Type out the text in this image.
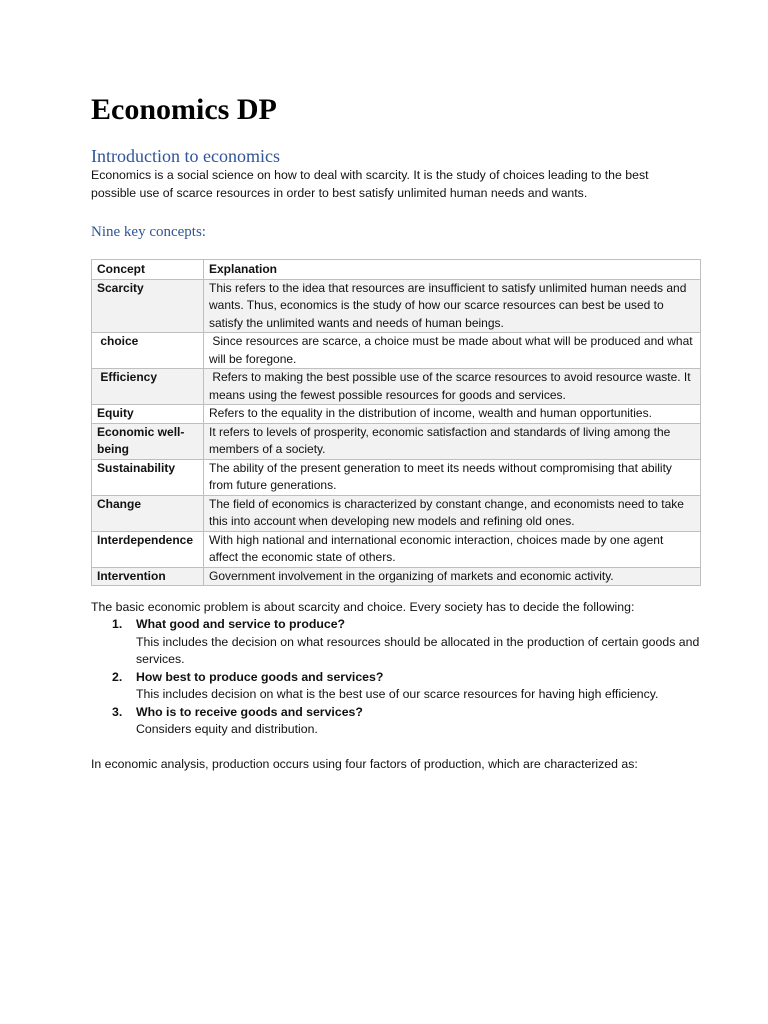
Economics DP
Introduction to economics

Economics is a social science on how to deal with scarcity. It is the study of choices leading to the best possible use of scarce resources in order to best satisfy unlimited human needs and wants.

Nine key concepts:
Concept	Explanation
Scarcity	This refers to the idea that resources are insufficient to satisfy unlimited human needs and wants. Thus, economics is the study of how our scarce resources can best be used to satisfy the unlimited wants and needs of human beings.
choice	Since resources are scarce, a choice must be made about what will be produced and what will be foregone.
Efficiency	Refers to making the best possible use of the scarce resources to avoid resource waste. It means using the fewest possible resources for goods and services.
Equity	Refers to the equality in the distribution of income, wealth and human opportunities.
Economic well-being	It refers to levels of prosperity, economic satisfaction and standards of living among the members of a society.
Sustainability	The ability of the present generation to meet its needs without compromising that ability from future generations.
Change	The field of economics is characterized by constant change, and economists need to take this into account when developing new models and refining old ones.
Interdependence	With high national and international economic interaction, choices made by one agent affect the economic state of others.
Intervention	Government involvement in the organizing of markets and economic activity.

The basic economic problem is about scarcity and choice. Every society has to decide the following:

1. What good and service to produce?

This includes the decision on what resources should be allocated in the production of certain goods and services.

2. How best to produce goods and services?

This includes decision on what is the best use of our scarce resources for having high efficiency.

3. Who is to receive goods and services?

Considers equity and distribution.

In economic analysis, production occurs using four factors of production, which are characterized as:
